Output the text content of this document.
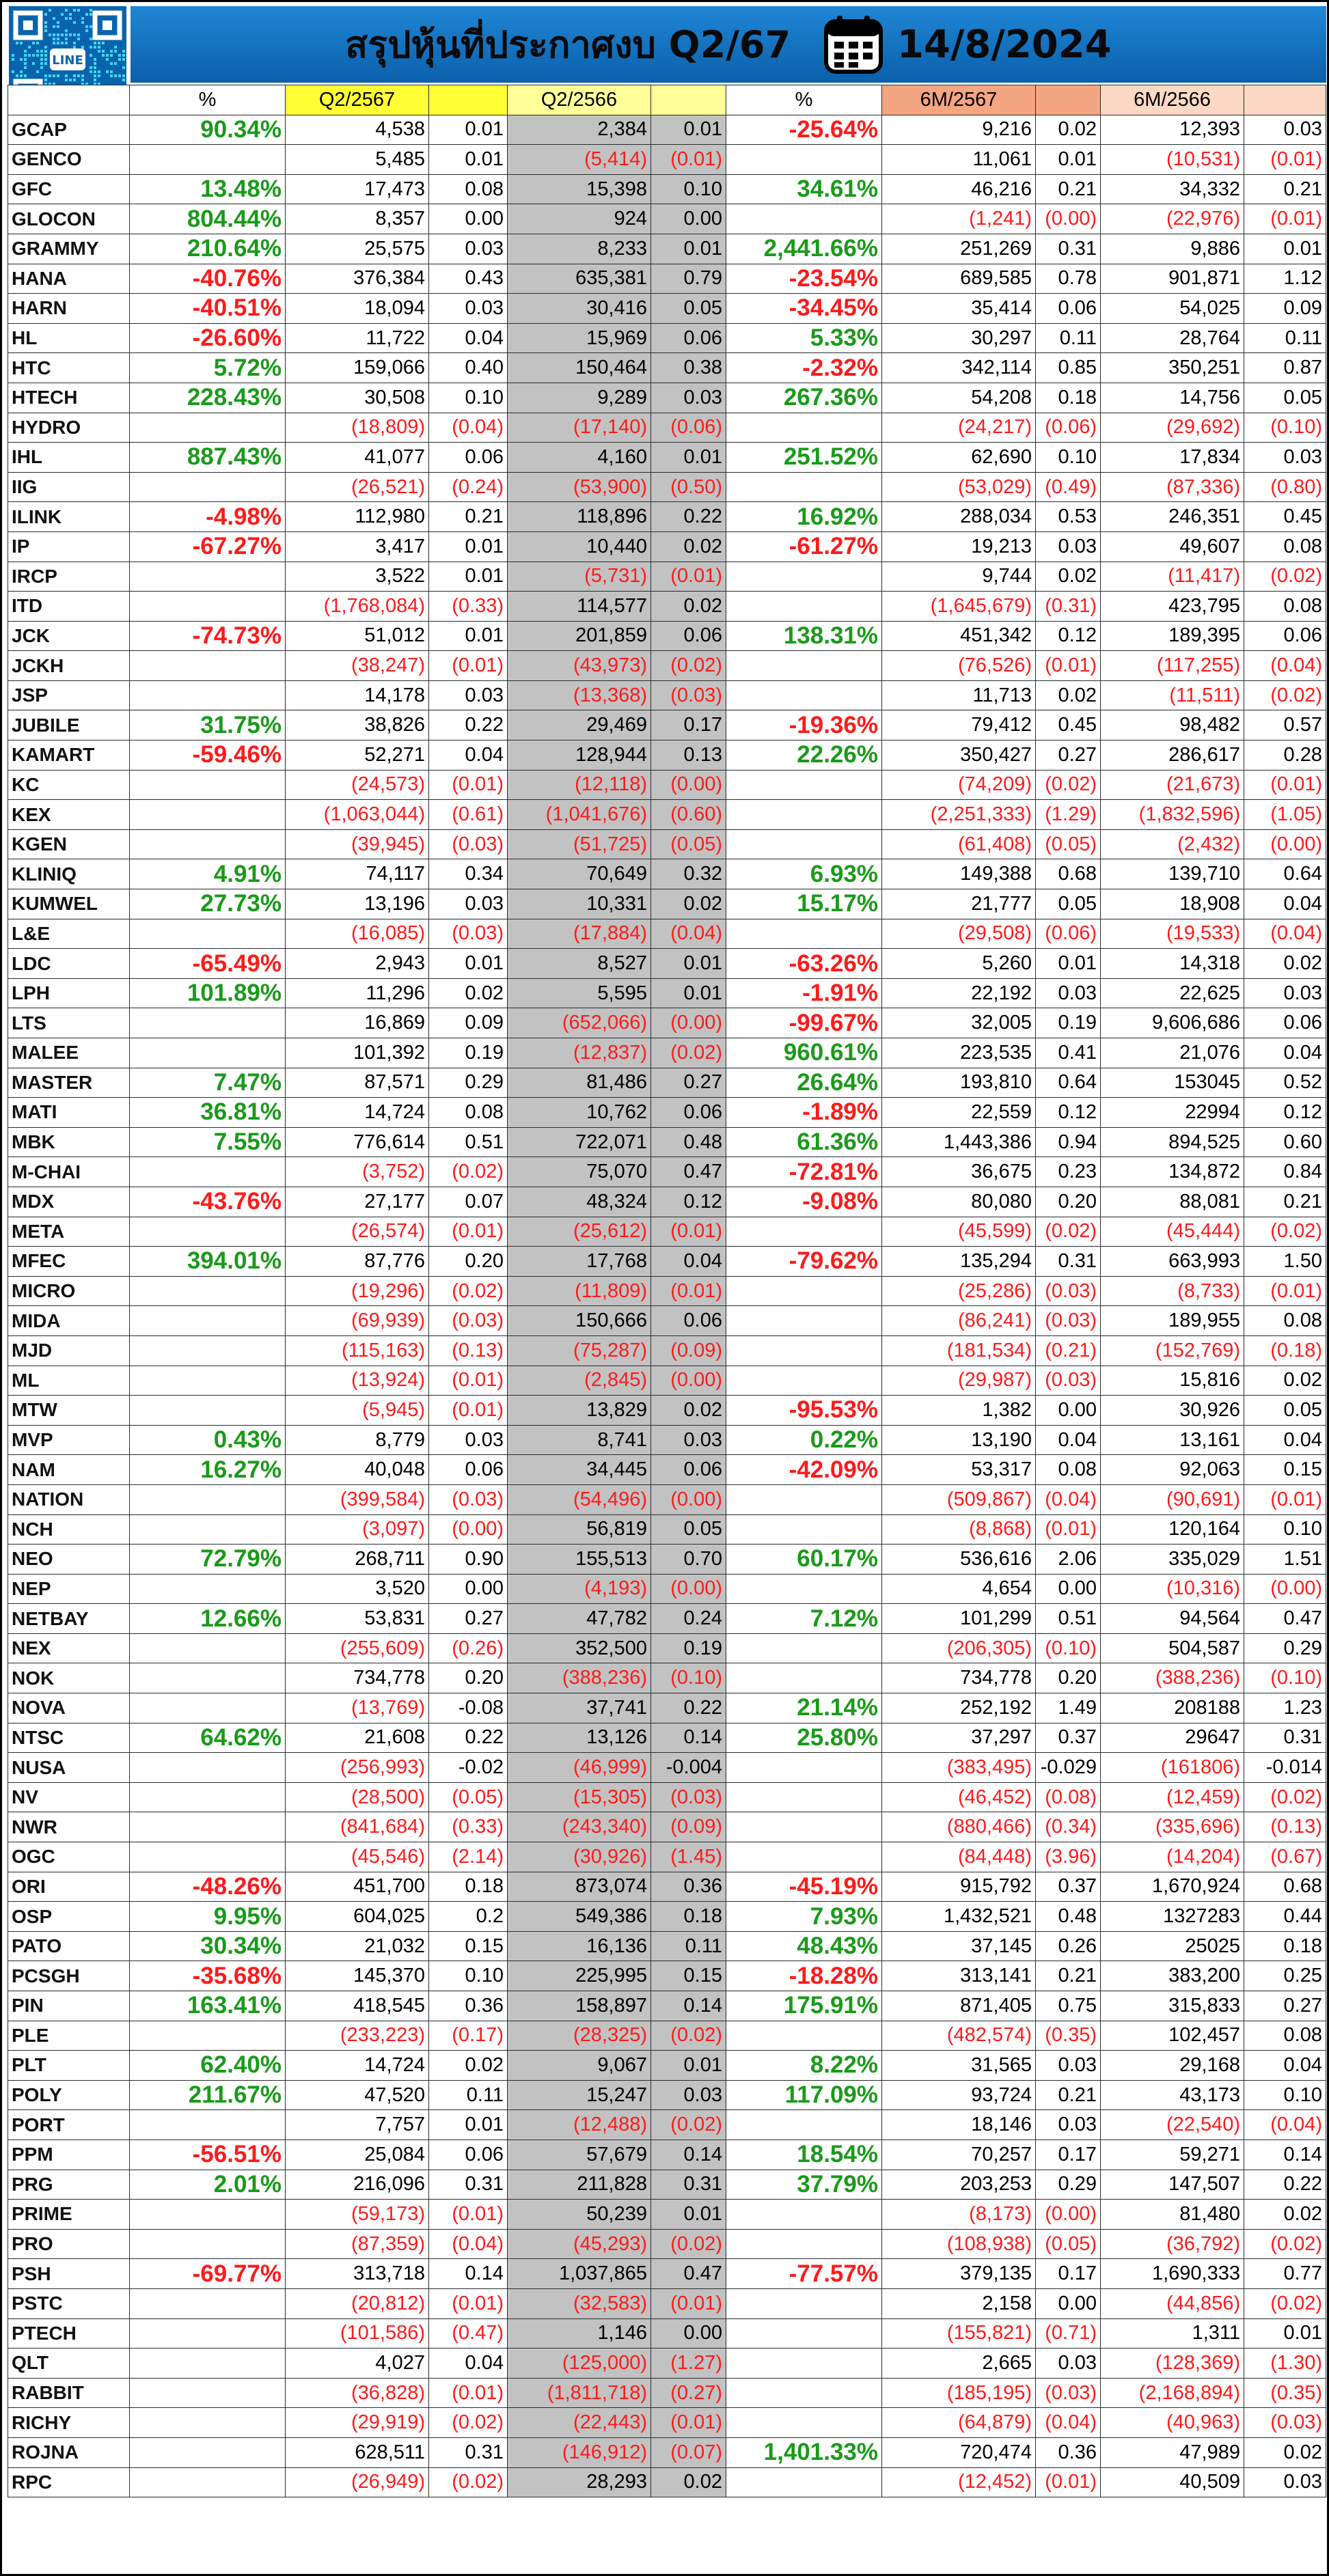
LINE	สรุปหุ้นที่ประกาศงบ Q2/67	14/8/2024
	%	Q2/2567		Q2/2566		%	6M/2567		6M/2566	
GCAP	90.34%	4,538	0.01	2,384	0.01	-25.64%	9,216	0.02	12,393	0.03
GENCO		5,485	0.01	(5,414)	(0.01)		11,061	0.01	(10,531)	(0.01)
GFC	13.48%	17,473	0.08	15,398	0.10	34.61%	46,216	0.21	34,332	0.21
GLOCON	804.44%	8,357	0.00	924	0.00		(1,241)	(0.00)	(22,976)	(0.01)
GRAMMY	210.64%	25,575	0.03	8,233	0.01	2,441.66%	251,269	0.31	9,886	0.01
HANA	-40.76%	376,384	0.43	635,381	0.79	-23.54%	689,585	0.78	901,871	1.12
HARN	-40.51%	18,094	0.03	30,416	0.05	-34.45%	35,414	0.06	54,025	0.09
HL	-26.60%	11,722	0.04	15,969	0.06	5.33%	30,297	0.11	28,764	0.11
HTC	5.72%	159,066	0.40	150,464	0.38	-2.32%	342,114	0.85	350,251	0.87
HTECH	228.43%	30,508	0.10	9,289	0.03	267.36%	54,208	0.18	14,756	0.05
HYDRO		(18,809)	(0.04)	(17,140)	(0.06)		(24,217)	(0.06)	(29,692)	(0.10)
IHL	887.43%	41,077	0.06	4,160	0.01	251.52%	62,690	0.10	17,834	0.03
IIG		(26,521)	(0.24)	(53,900)	(0.50)		(53,029)	(0.49)	(87,336)	(0.80)
ILINK	-4.98%	112,980	0.21	118,896	0.22	16.92%	288,034	0.53	246,351	0.45
IP	-67.27%	3,417	0.01	10,440	0.02	-61.27%	19,213	0.03	49,607	0.08
IRCP		3,522	0.01	(5,731)	(0.01)		9,744	0.02	(11,417)	(0.02)
ITD		(1,768,084)	(0.33)	114,577	0.02		(1,645,679)	(0.31)	423,795	0.08
JCK	-74.73%	51,012	0.01	201,859	0.06	138.31%	451,342	0.12	189,395	0.06
JCKH		(38,247)	(0.01)	(43,973)	(0.02)		(76,526)	(0.01)	(117,255)	(0.04)
JSP		14,178	0.03	(13,368)	(0.03)		11,713	0.02	(11,511)	(0.02)
JUBILE	31.75%	38,826	0.22	29,469	0.17	-19.36%	79,412	0.45	98,482	0.57
KAMART	-59.46%	52,271	0.04	128,944	0.13	22.26%	350,427	0.27	286,617	0.28
KC		(24,573)	(0.01)	(12,118)	(0.00)		(74,209)	(0.02)	(21,673)	(0.01)
KEX		(1,063,044)	(0.61)	(1,041,676)	(0.60)		(2,251,333)	(1.29)	(1,832,596)	(1.05)
KGEN		(39,945)	(0.03)	(51,725)	(0.05)		(61,408)	(0.05)	(2,432)	(0.00)
KLINIQ	4.91%	74,117	0.34	70,649	0.32	6.93%	149,388	0.68	139,710	0.64
KUMWEL	27.73%	13,196	0.03	10,331	0.02	15.17%	21,777	0.05	18,908	0.04
L&E		(16,085)	(0.03)	(17,884)	(0.04)		(29,508)	(0.06)	(19,533)	(0.04)
LDC	-65.49%	2,943	0.01	8,527	0.01	-63.26%	5,260	0.01	14,318	0.02
LPH	101.89%	11,296	0.02	5,595	0.01	-1.91%	22,192	0.03	22,625	0.03
LTS		16,869	0.09	(652,066)	(0.00)	-99.67%	32,005	0.19	9,606,686	0.06
MALEE		101,392	0.19	(12,837)	(0.02)	960.61%	223,535	0.41	21,076	0.04
MASTER	7.47%	87,571	0.29	81,486	0.27	26.64%	193,810	0.64	153045	0.52
MATI	36.81%	14,724	0.08	10,762	0.06	-1.89%	22,559	0.12	22994	0.12
MBK	7.55%	776,614	0.51	722,071	0.48	61.36%	1,443,386	0.94	894,525	0.60
M-CHAI		(3,752)	(0.02)	75,070	0.47	-72.81%	36,675	0.23	134,872	0.84
MDX	-43.76%	27,177	0.07	48,324	0.12	-9.08%	80,080	0.20	88,081	0.21
META		(26,574)	(0.01)	(25,612)	(0.01)		(45,599)	(0.02)	(45,444)	(0.02)
MFEC	394.01%	87,776	0.20	17,768	0.04	-79.62%	135,294	0.31	663,993	1.50
MICRO		(19,296)	(0.02)	(11,809)	(0.01)		(25,286)	(0.03)	(8,733)	(0.01)
MIDA		(69,939)	(0.03)	150,666	0.06		(86,241)	(0.03)	189,955	0.08
MJD		(115,163)	(0.13)	(75,287)	(0.09)		(181,534)	(0.21)	(152,769)	(0.18)
ML		(13,924)	(0.01)	(2,845)	(0.00)		(29,987)	(0.03)	15,816	0.02
MTW		(5,945)	(0.01)	13,829	0.02	-95.53%	1,382	0.00	30,926	0.05
MVP	0.43%	8,779	0.03	8,741	0.03	0.22%	13,190	0.04	13,161	0.04
NAM	16.27%	40,048	0.06	34,445	0.06	-42.09%	53,317	0.08	92,063	0.15
NATION		(399,584)	(0.03)	(54,496)	(0.00)		(509,867)	(0.04)	(90,691)	(0.01)
NCH		(3,097)	(0.00)	56,819	0.05		(8,868)	(0.01)	120,164	0.10
NEO	72.79%	268,711	0.90	155,513	0.70	60.17%	536,616	2.06	335,029	1.51
NEP		3,520	0.00	(4,193)	(0.00)		4,654	0.00	(10,316)	(0.00)
NETBAY	12.66%	53,831	0.27	47,782	0.24	7.12%	101,299	0.51	94,564	0.47
NEX		(255,609)	(0.26)	352,500	0.19		(206,305)	(0.10)	504,587	0.29
NOK		734,778	0.20	(388,236)	(0.10)		734,778	0.20	(388,236)	(0.10)
NOVA		(13,769)	-0.08	37,741	0.22	21.14%	252,192	1.49	208188	1.23
NTSC	64.62%	21,608	0.22	13,126	0.14	25.80%	37,297	0.37	29647	0.31
NUSA		(256,993)	-0.02	(46,999)	-0.004		(383,495)	-0.029	(161806)	-0.014
NV		(28,500)	(0.05)	(15,305)	(0.03)		(46,452)	(0.08)	(12,459)	(0.02)
NWR		(841,684)	(0.33)	(243,340)	(0.09)		(880,466)	(0.34)	(335,696)	(0.13)
OGC		(45,546)	(2.14)	(30,926)	(1.45)		(84,448)	(3.96)	(14,204)	(0.67)
ORI	-48.26%	451,700	0.18	873,074	0.36	-45.19%	915,792	0.37	1,670,924	0.68
OSP	9.95%	604,025	0.2	549,386	0.18	7.93%	1,432,521	0.48	1327283	0.44
PATO	30.34%	21,032	0.15	16,136	0.11	48.43%	37,145	0.26	25025	0.18
PCSGH	-35.68%	145,370	0.10	225,995	0.15	-18.28%	313,141	0.21	383,200	0.25
PIN	163.41%	418,545	0.36	158,897	0.14	175.91%	871,405	0.75	315,833	0.27
PLE		(233,223)	(0.17)	(28,325)	(0.02)		(482,574)	(0.35)	102,457	0.08
PLT	62.40%	14,724	0.02	9,067	0.01	8.22%	31,565	0.03	29,168	0.04
POLY	211.67%	47,520	0.11	15,247	0.03	117.09%	93,724	0.21	43,173	0.10
PORT		7,757	0.01	(12,488)	(0.02)		18,146	0.03	(22,540)	(0.04)
PPM	-56.51%	25,084	0.06	57,679	0.14	18.54%	70,257	0.17	59,271	0.14
PRG	2.01%	216,096	0.31	211,828	0.31	37.79%	203,253	0.29	147,507	0.22
PRIME		(59,173)	(0.01)	50,239	0.01		(8,173)	(0.00)	81,480	0.02
PRO		(87,359)	(0.04)	(45,293)	(0.02)		(108,938)	(0.05)	(36,792)	(0.02)
PSH	-69.77%	313,718	0.14	1,037,865	0.47	-77.57%	379,135	0.17	1,690,333	0.77
PSTC		(20,812)	(0.01)	(32,583)	(0.01)		2,158	0.00	(44,856)	(0.02)
PTECH		(101,586)	(0.47)	1,146	0.00		(155,821)	(0.71)	1,311	0.01
QLT		4,027	0.04	(125,000)	(1.27)		2,665	0.03	(128,369)	(1.30)
RABBIT		(36,828)	(0.01)	(1,811,718)	(0.27)		(185,195)	(0.03)	(2,168,894)	(0.35)
RICHY		(29,919)	(0.02)	(22,443)	(0.01)		(64,879)	(0.04)	(40,963)	(0.03)
ROJNA		628,511	0.31	(146,912)	(0.07)	1,401.33%	720,474	0.36	47,989	0.02
RPC		(26,949)	(0.02)	28,293	0.02		(12,452)	(0.01)	40,509	0.03
